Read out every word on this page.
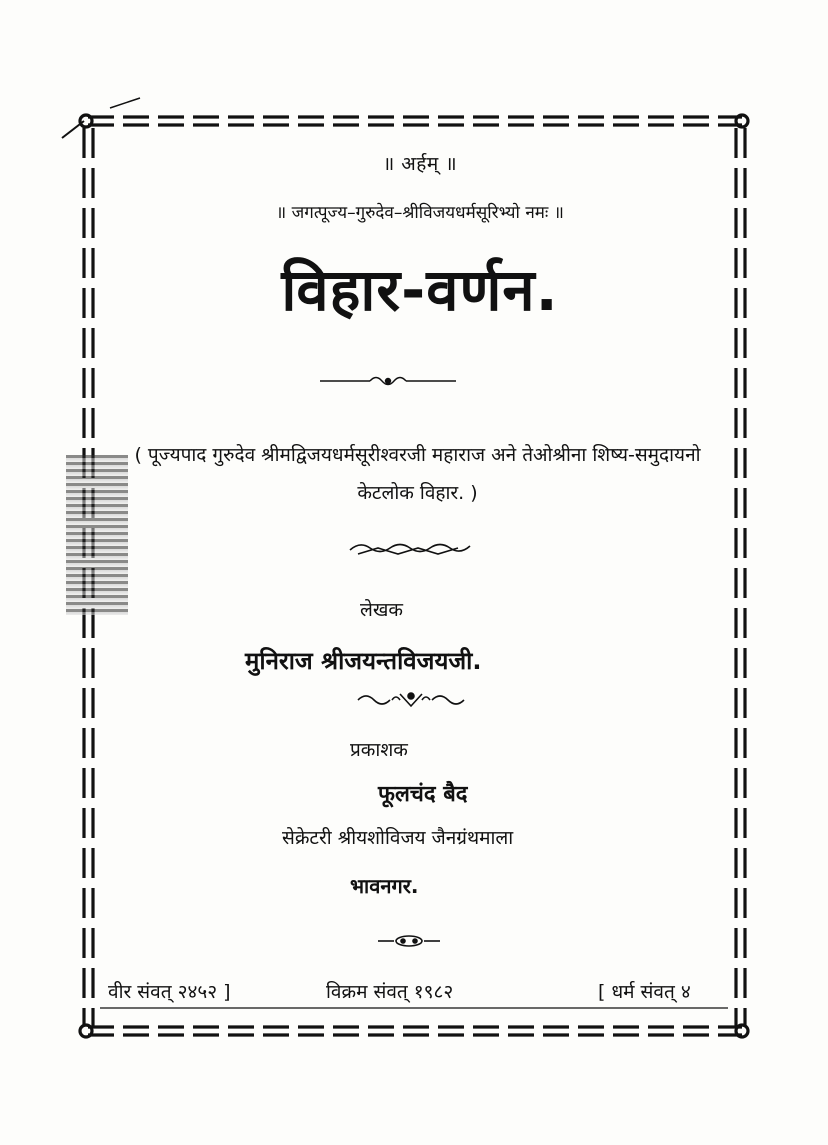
॥ अर्हम् ॥
॥ जगत्पूज्य–गुरुदेव–श्रीविजयधर्मसूरिभ्यो नमः ॥
विहार-वर्णन.
( पूज्यपाद गुरुदेव श्रीमद्विजयधर्मसूरीश्वरजी महाराज अने तेओश्रीना शिष्य-समुदायनो केटलोक विहार. )
लेखक
मुनिराज श्रीजयन्तविजयजी.
प्रकाशक
फूलचंद बैद
सेक्रेटरी श्रीयशोविजय जैनग्रंथमाला
भावनगर.
वीर संवत् २४५२ ]	विक्रम संवत् १९८२	[ धर्म संवत् ४
